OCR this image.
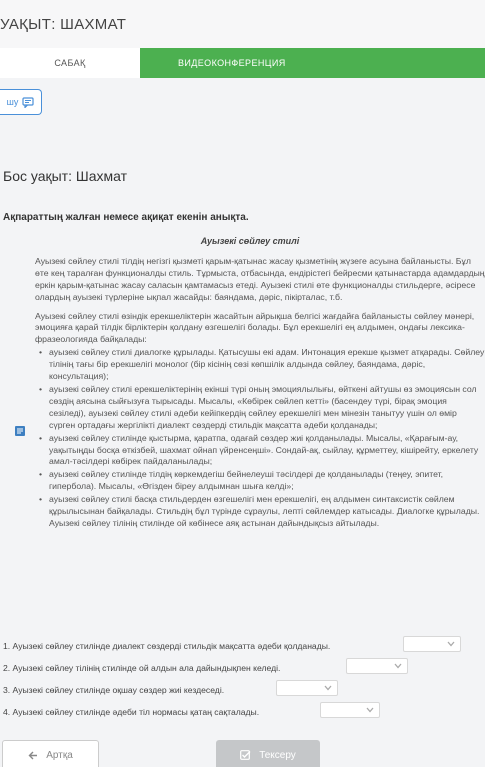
УАҚЫТ: ШАХМАТ
САБАҚ	ВИДЕОКОНФЕРЕНЦИЯ
шу
Бос уақыт: Шахмат
Ақпараттың жалған немесе ақиқат екенін анықта.
Ауызекі сөйлеу стилі

Ауызекі сөйлеу стилі тілдің негізгі қызметі қарым-қатынас жасау қызметінің жүзеге асуына байланысты. Бұл өте кең таралған функционалды стиль. Тұрмыста, отбасында, ендірістегі бейресми қатынастарда адамдардың еркін қарым-қатынас жасау саласын қамтамасыз етеді. Ауызекі стилі өте функционалды стильдерге, әсіресе олардың ауызекі түрлеріне ықпал жасайды: баяндама, дәріс, пікірталас, т.б.

Ауызекі сөйлеу стилі өзіндік ерекшеліктерін жасайтын айрықша белгісі жағдайға байланысты сөйлеу мәнері, эмоцияға қарай тілдік бірліктерін қолдану өзгешелігі болады. Бұл ерекшелігі ең алдымен, ондағы лексика-фразеологияда байқалады:

• ауызекі сөйлеу стилі диалогке құрылады. Қатысушы екі адам. Интонация ерекше қызмет атқарады. Сөйлеу тілінің тағы бір ерекшелігі монолог (бір кісінің сөзі көпшілік алдында сөйлеу, баяндама, дәріс, консультация);
• ауызекі сөйлеу стилі ерекшеліктерінің екінші түрі оның эмоциялылығы, өйткені айтушы өз эмоциясын сол сөздің аясына сыйғызуға тырысады. Мысалы, «Көбірек сөйлеп кетті» (басендеу түрі, бірақ эмоция сезіледі), ауызекі сөйлеу стилі әдеби кейіпкердің сөйлеу ерекшелігі мен мінезін танытуу үшін ол өмір сүрген ортадағы жергілікті диалект сөздерді стильдік мақсатта әдеби қолданады;
• ауызекі сөйлеу стилінде қыстырма, қаратпа, одағай сөздер жиі қолданылады. Мысалы, «Қарағым-ау, уақытыңды босқа өткізбей, шахмат ойнап үйренсеңші». Сондай-ақ, сыйлау, құрметтеу, кішірейту, еркелету амал-тәсілдері көбірек пайдаланылады;
• ауызекі сөйлеу стилінде тілдің көркемдегіш бейнелеуші тәсілдері де қолданылады (теңеу, эпитет, гипербола). Мысалы, «Өгізден біреу алдымнан шыға келді»;
• ауызекі сөйлеу стилі басқа стильдерден өзгешелігі мен ерекшелігі, ең алдымен синтаксистік сөйлем құрылысынан байқалады. Стильдің бұл түрінде сұраулы, лепті сөйлемдер катысады. Диалогке құрылады. Ауызекі сөйлеу тілінің стилінде ой көбінесе аяқ астынан дайындықсыз айтылады.
1. Ауызекі сөйлеу стилінде диалект сөздерді стильдік мақсатта әдеби қолданады.
2. Ауызекі сөйлеу тілінің стилінде ой алдын ала дайындықпен келеді.
3. Ауызекі сөйлеу стилінде оқшау сөздер жиі кездеседі.
4. Ауызекі сөйлеу стилінде әдеби тіл нормасы қатаң сақталады.
Артқа	Тексеру
